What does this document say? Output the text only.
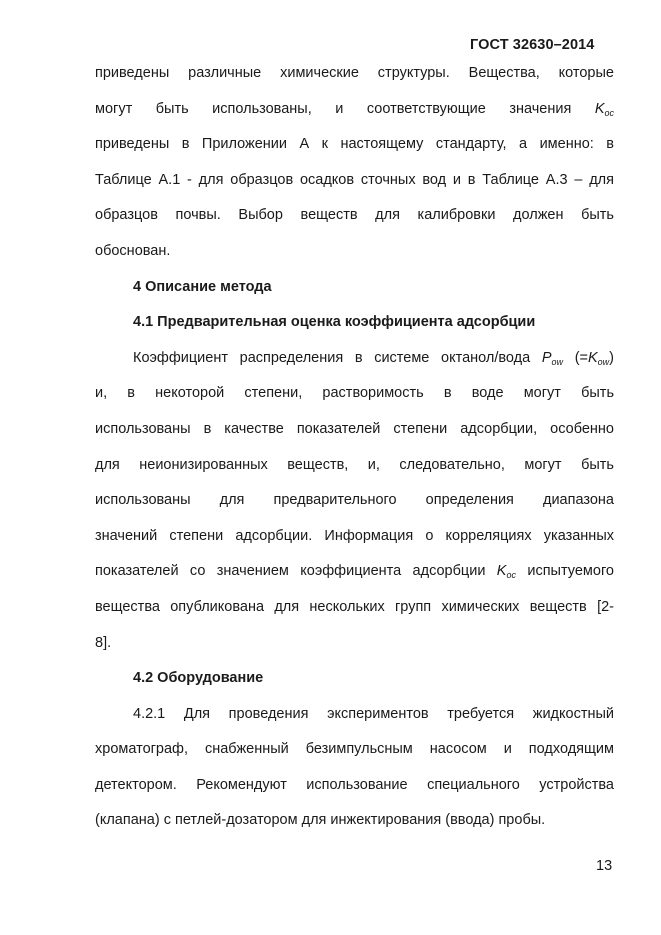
ГОСТ 32630–2014
приведены различные химические структуры. Вещества, которые
могут быть использованы, и соответствующие значения $K_{oc}$
приведены в Приложении А к настоящему стандарту, а именно: в
Таблице А.1 - для образцов осадков сточных вод и в Таблице А.3 – для
образцов почвы. Выбор веществ для калибровки должен быть
обоснован.
4 Описание метода
4.1 Предварительная оценка коэффициента адсорбции
Коэффициент распределения в системе октанол/вода $P_{ow}$ $(=K_{ow})$
и, в некоторой степени, растворимость в воде могут быть
использованы в качестве показателей степени адсорбции, особенно
для неионизированных веществ, и, следовательно, могут быть
использованы для предварительного определения диапазона
значений степени адсорбции. Информация о корреляциях указанных
показателей со значением коэффициента адсорбции $K_{oc}$ испытуемого
вещества опубликована для нескольких групп химических веществ [2-
8].
4.2 Оборудование
4.2.1 Для проведения экспериментов требуется жидкостный
хроматограф, снабженный безимпульсным насосом и подходящим
детектором. Рекомендуют использование специального устройства
(клапана) с петлей-дозатором для инжектирования (ввода) пробы.
13
